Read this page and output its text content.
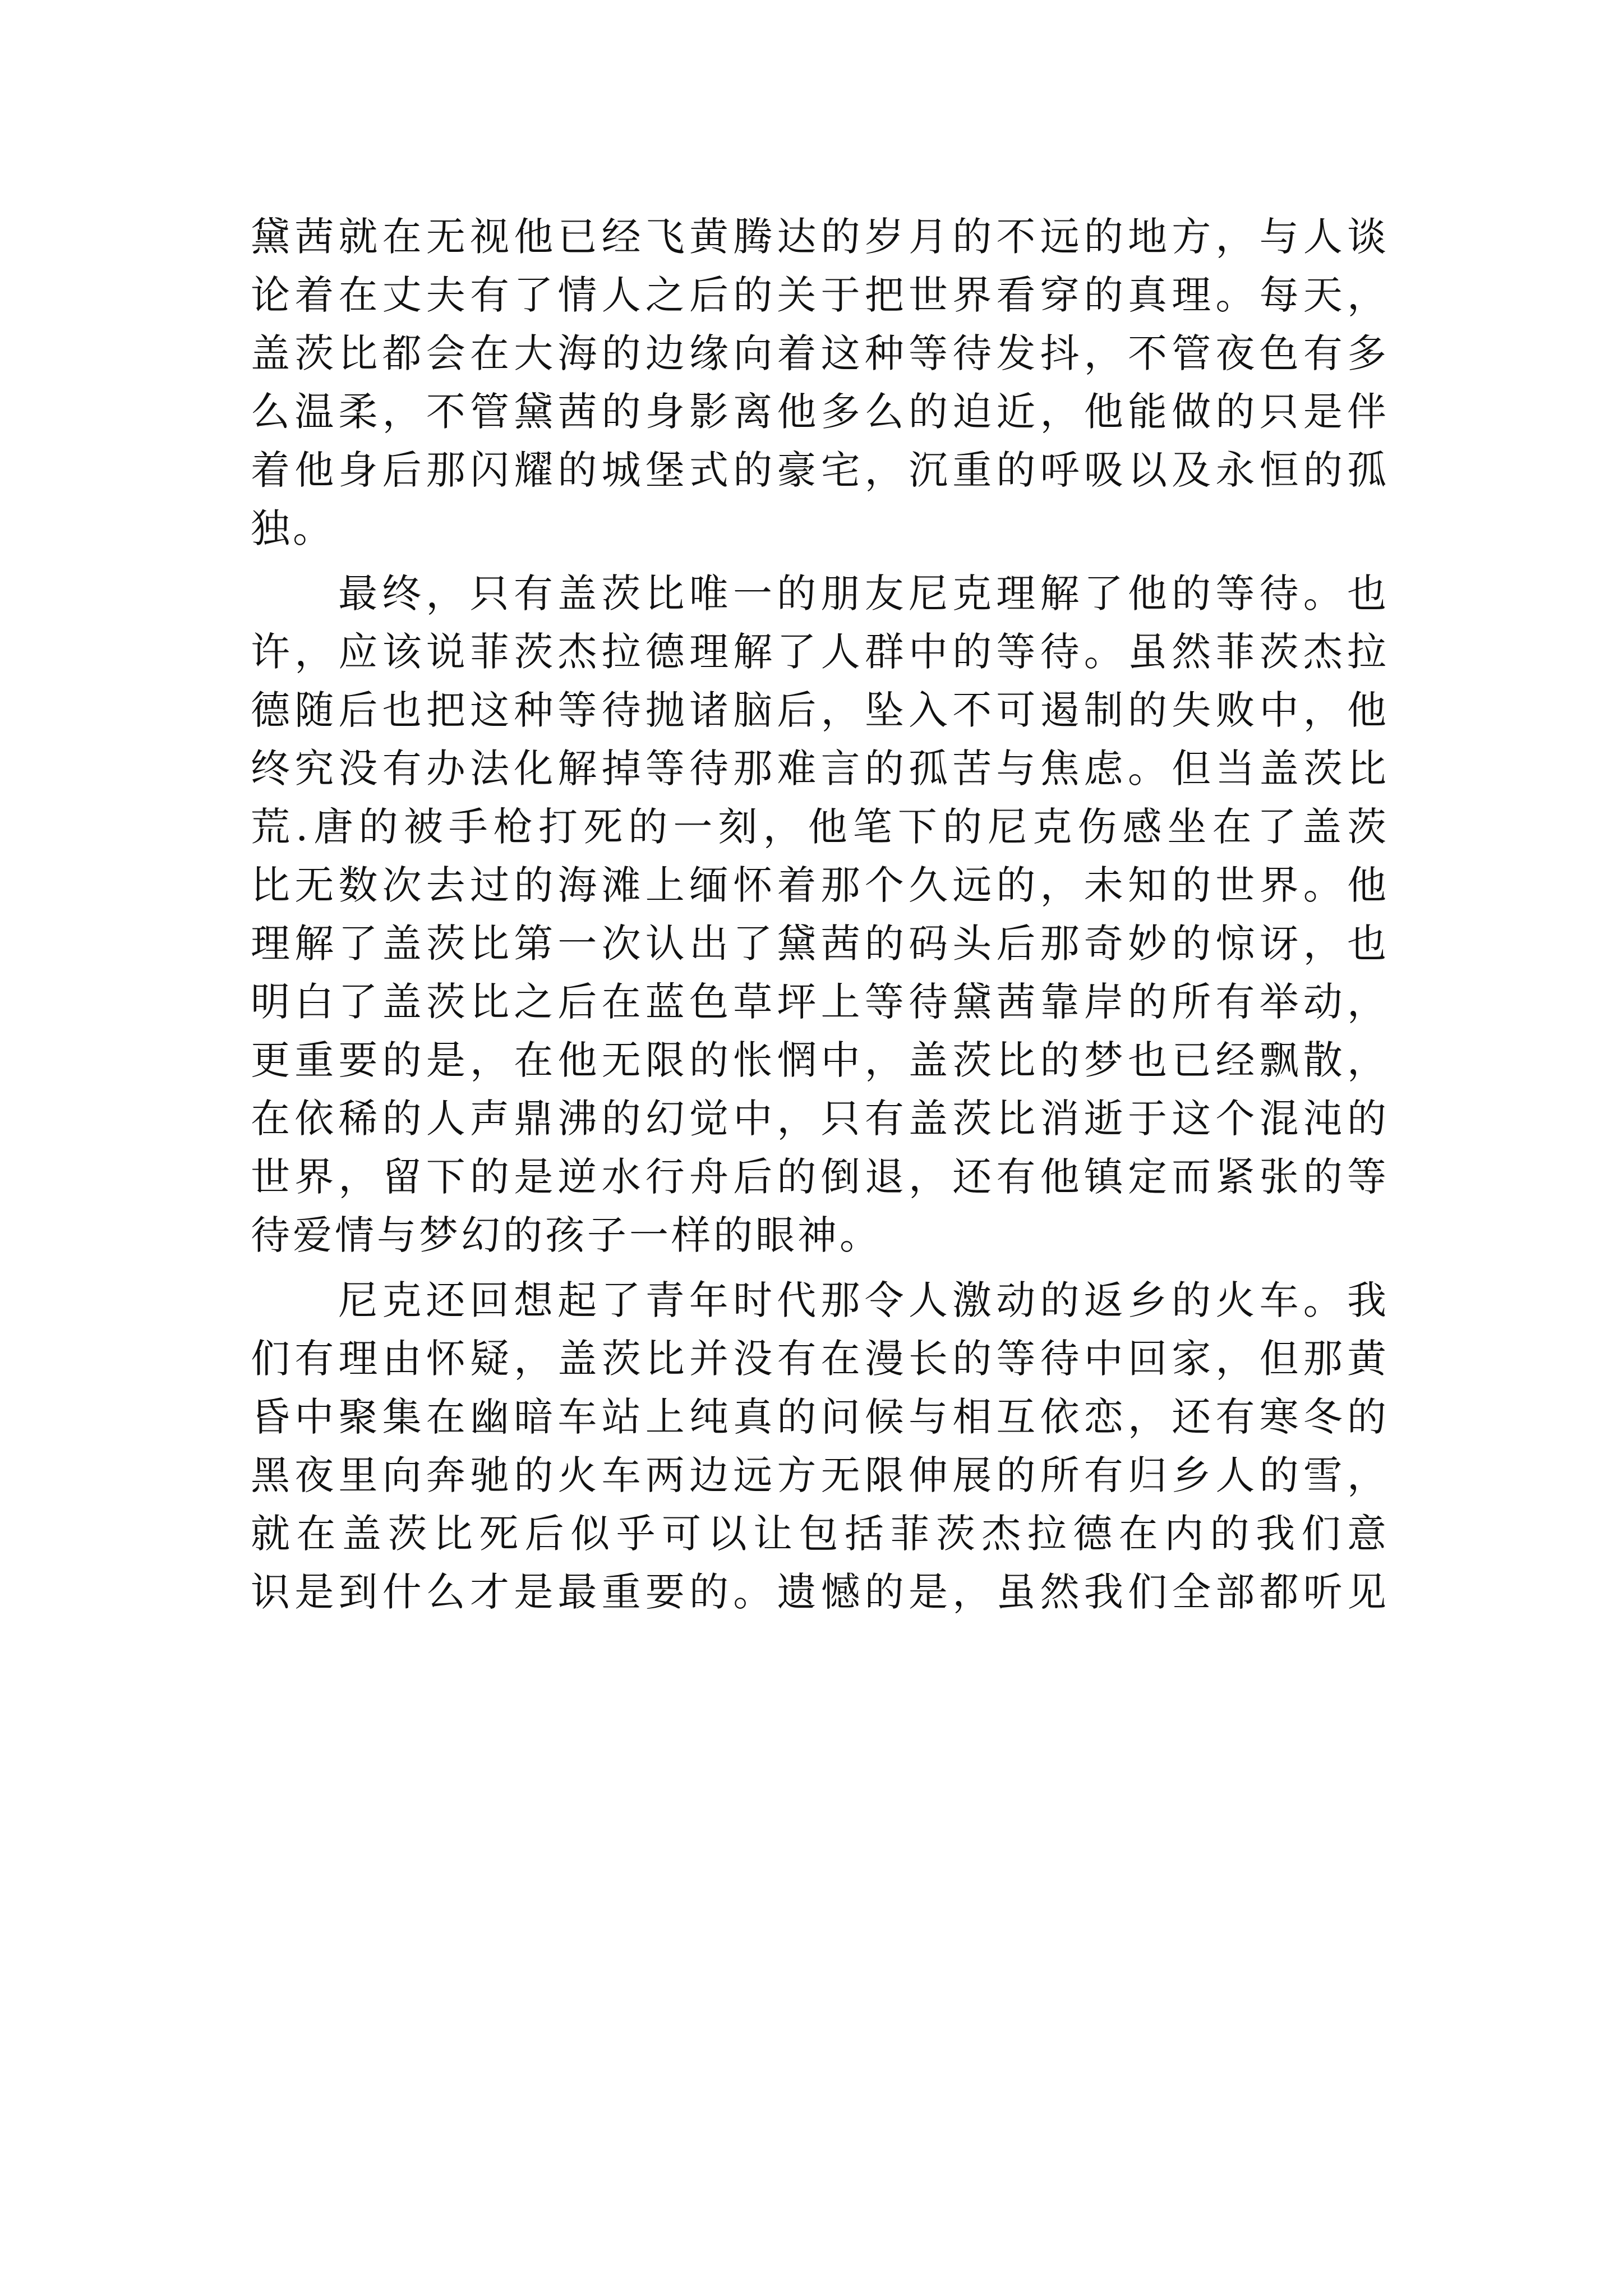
黛茜就在无视他已经飞黄腾达的岁月的不远的地方，与人谈
论着在丈夫有了情人之后的关于把世界看穿的真理。每天，
盖茨比都会在大海的边缘向着这种等待发抖，不管夜色有多
么温柔，不管黛茜的身影离他多么的迫近，他能做的只是伴
着他身后那闪耀的城堡式的豪宅，沉重的呼吸以及永恒的孤
独。
最终，只有盖茨比唯一的朋友尼克理解了他的等待。也
许，应该说菲茨杰拉德理解了人群中的等待。虽然菲茨杰拉
德随后也把这种等待抛诸脑后，坠入不可遏制的失败中，他
终究没有办法化解掉等待那难言的孤苦与焦虑。但当盖茨比
荒.唐的被手枪打死的一刻，他笔下的尼克伤感坐在了盖茨
比无数次去过的海滩上缅怀着那个久远的，未知的世界。他
理解了盖茨比第一次认出了黛茜的码头后那奇妙的惊讶，也
明白了盖茨比之后在蓝色草坪上等待黛茜靠岸的所有举动，
更重要的是，在他无限的怅惘中，盖茨比的梦也已经飘散，
在依稀的人声鼎沸的幻觉中，只有盖茨比消逝于这个混沌的
世界，留下的是逆水行舟后的倒退，还有他镇定而紧张的等
待爱情与梦幻的孩子一样的眼神。
尼克还回想起了青年时代那令人激动的返乡的火车。我
们有理由怀疑，盖茨比并没有在漫长的等待中回家，但那黄
昏中聚集在幽暗车站上纯真的问候与相互依恋，还有寒冬的
黑夜里向奔驰的火车两边远方无限伸展的所有归乡人的雪，
就在盖茨比死后似乎可以让包括菲茨杰拉德在内的我们意
识是到什么才是最重要的。遗憾的是，虽然我们全部都听见
